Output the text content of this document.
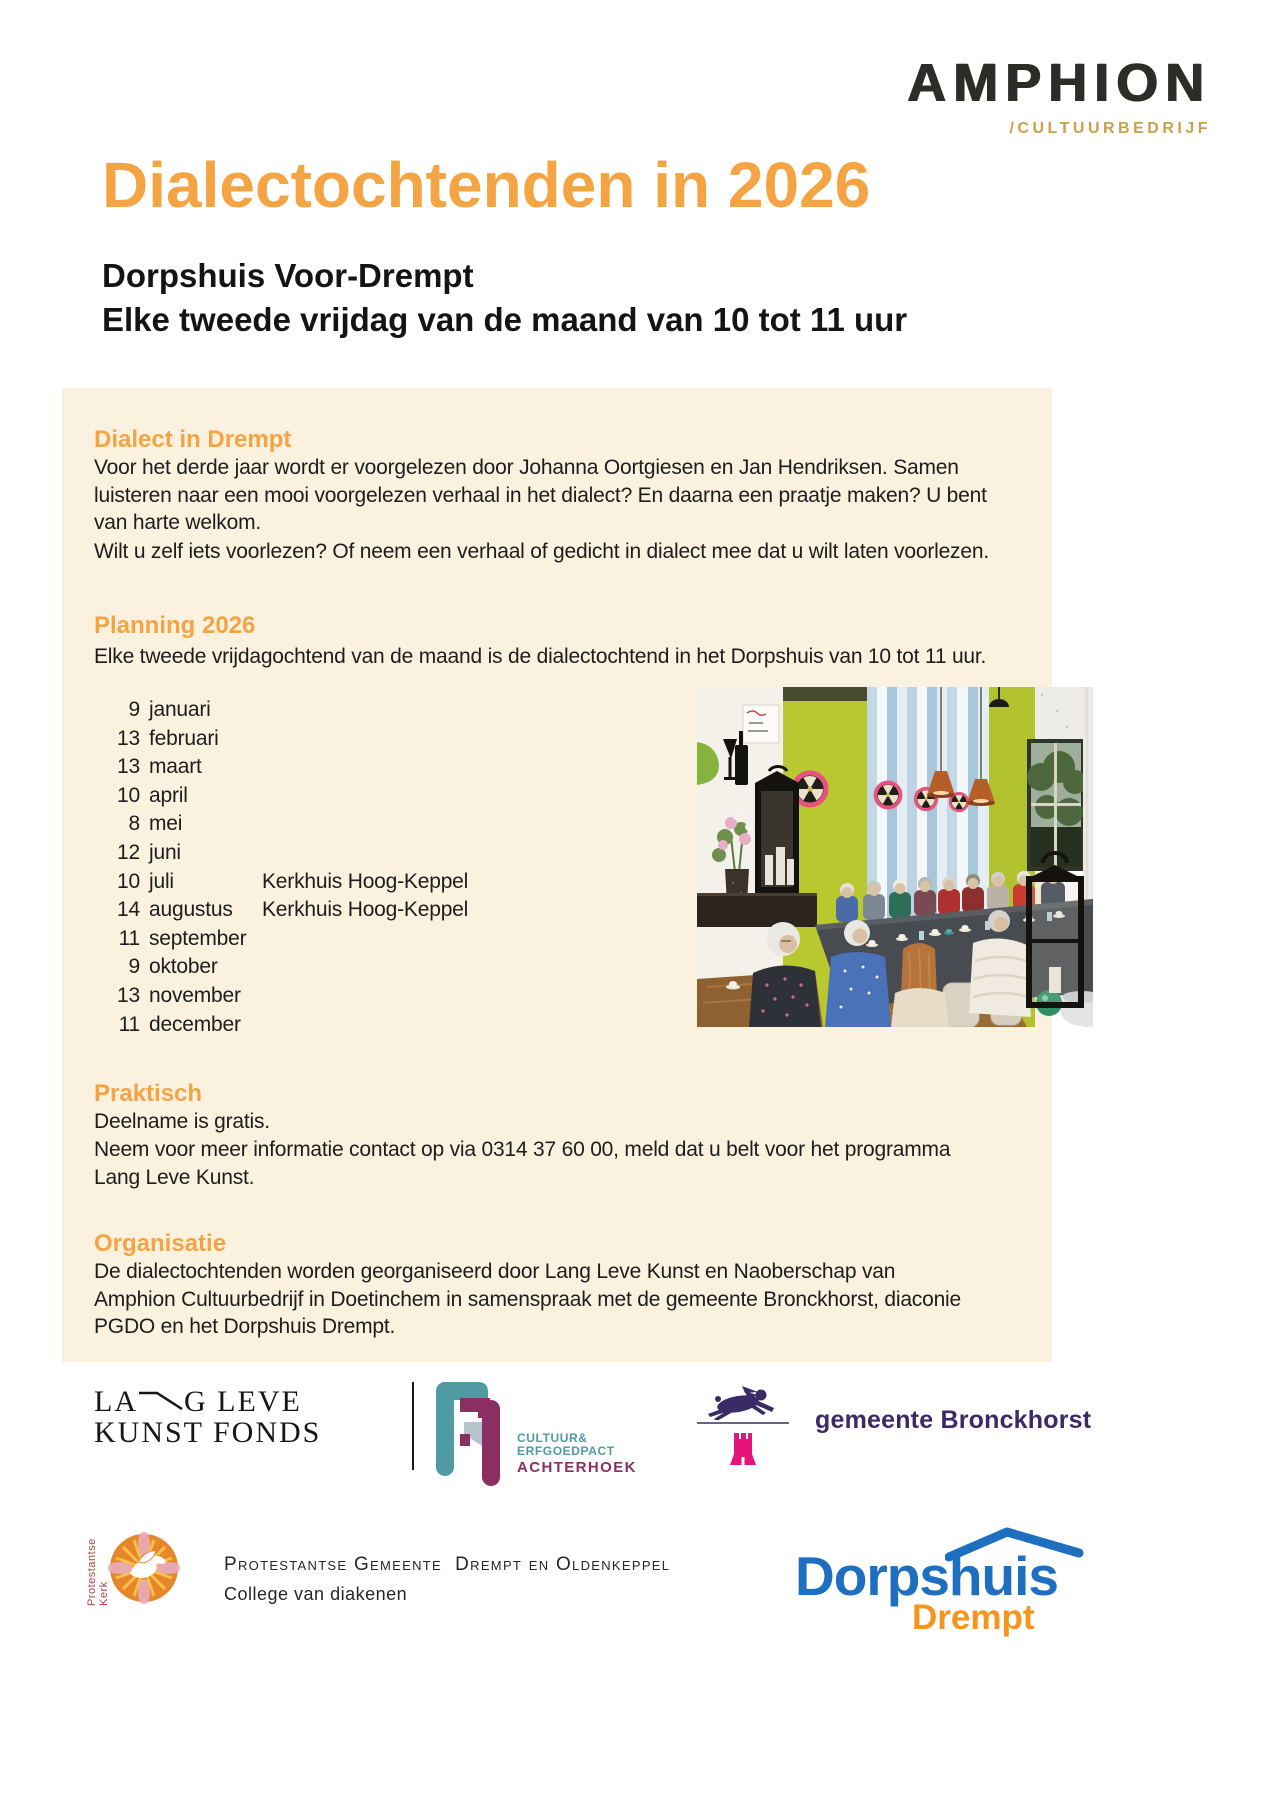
AMPHION
/CULTUURBEDRIJF
Dialectochtenden in 2026
Dorpshuis Voor-Drempt
Elke tweede vrijdag van de maand van 10 tot 11 uur
Dialect in Drempt

Voor het derde jaar wordt er voorgelezen door Johanna Oortgiesen en Jan Hendriksen. Samen luisteren naar een mooi voorgelezen verhaal in het dialect? En daarna een praatje maken? U bent van harte welkom.

Wilt u zelf iets voorlezen? Of neem een verhaal of gedicht in dialect mee dat u wilt laten voorlezen.

Planning 2026

Elke tweede vrijdagochtend van de maand is de dialectochtend in het Dorpshuis van 10 tot 11 uur.

9 januari
13 februari
13 maart
10 april
8 mei
12 juni
10 juli	Kerkhuis Hoog-Keppel
14 augustus	Kerkhuis Hoog-Keppel
11 september
9 oktober
13 november
11 december
Praktisch

Deelname is gratis.

Neem voor meer informatie contact op via 0314 37 60 00, meld dat u belt voor het programma Lang Leve Kunst.

Organisatie

De dialectochtenden worden georganiseerd door Lang Leve Kunst en Naoberschap van Amphion Cultuurbedrijf in Doetinchem in samenspraak met de gemeente Bronckhorst, diaconie PGDO en het Dorpshuis Drempt.

LA G LEVE
KUNST FONDS	CULTUUR&
ERFGOEDPACT
ACHTERHOEK
gemeente Bronckhorst
Protestantse Kerk
Protestantse Gemeente  Drempt en Oldenkeppel
College van diakenen	Dorpshuis
Drempt
